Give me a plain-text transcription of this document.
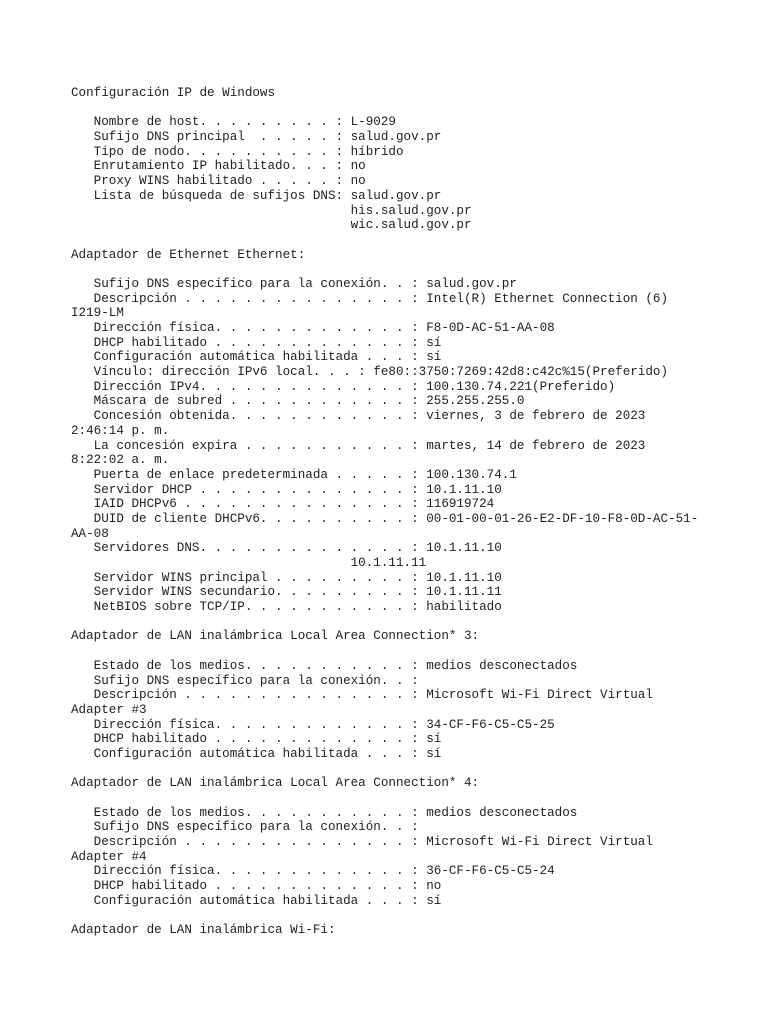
Configuración IP de Windows
Nombre de host. . . . . . . . . : L-9029
Sufijo DNS principal  . . . . . : salud.gov.pr
Tipo de nodo. . . . . . . . . . : híbrido
Enrutamiento IP habilitado. . . : no
Proxy WINS habilitado . . . . . : no
Lista de búsqueda de sufijos DNS: salud.gov.pr
his.salud.gov.pr
wic.salud.gov.pr
Adaptador de Ethernet Ethernet:
Sufijo DNS específico para la conexión. . : salud.gov.pr
Descripción . . . . . . . . . . . . . . . : Intel(R) Ethernet Connection (6)
I219-LM
Dirección física. . . . . . . . . . . . . : F8-0D-AC-51-AA-08
DHCP habilitado . . . . . . . . . . . . . : sí
Configuración automática habilitada . . . : sí
Vínculo: dirección IPv6 local. . . : fe80::3750:7269:42d8:c42c%15(Preferido)
Dirección IPv4. . . . . . . . . . . . . . : 100.130.74.221(Preferido)
Máscara de subred . . . . . . . . . . . . : 255.255.255.0
Concesión obtenida. . . . . . . . . . . . : viernes, 3 de febrero de 2023
2:46:14 p. m.
La concesión expira . . . . . . . . . . . : martes, 14 de febrero de 2023
8:22:02 a. m.
Puerta de enlace predeterminada . . . . . : 100.130.74.1
Servidor DHCP . . . . . . . . . . . . . . : 10.1.11.10
IAID DHCPv6 . . . . . . . . . . . . . . . : 116919724
DUID de cliente DHCPv6. . . . . . . . . . : 00-01-00-01-26-E2-DF-10-F8-0D-AC-51-
AA-08
Servidores DNS. . . . . . . . . . . . . . : 10.1.11.10
10.1.11.11
Servidor WINS principal . . . . . . . . . : 10.1.11.10
Servidor WINS secundario. . . . . . . . . : 10.1.11.11
NetBIOS sobre TCP/IP. . . . . . . . . . . : habilitado
Adaptador de LAN inalámbrica Local Area Connection* 3:
Estado de los medios. . . . . . . . . . . : medios desconectados
Sufijo DNS específico para la conexión. . :
Descripción . . . . . . . . . . . . . . . : Microsoft Wi-Fi Direct Virtual
Adapter #3
Dirección física. . . . . . . . . . . . . : 34-CF-F6-C5-C5-25
DHCP habilitado . . . . . . . . . . . . . : sí
Configuración automática habilitada . . . : sí
Adaptador de LAN inalámbrica Local Area Connection* 4:
Estado de los medios. . . . . . . . . . . : medios desconectados
Sufijo DNS específico para la conexión. . :
Descripción . . . . . . . . . . . . . . . : Microsoft Wi-Fi Direct Virtual
Adapter #4
Dirección física. . . . . . . . . . . . . : 36-CF-F6-C5-C5-24
DHCP habilitado . . . . . . . . . . . . . : no
Configuración automática habilitada . . . : sí
Adaptador de LAN inalámbrica Wi-Fi:
